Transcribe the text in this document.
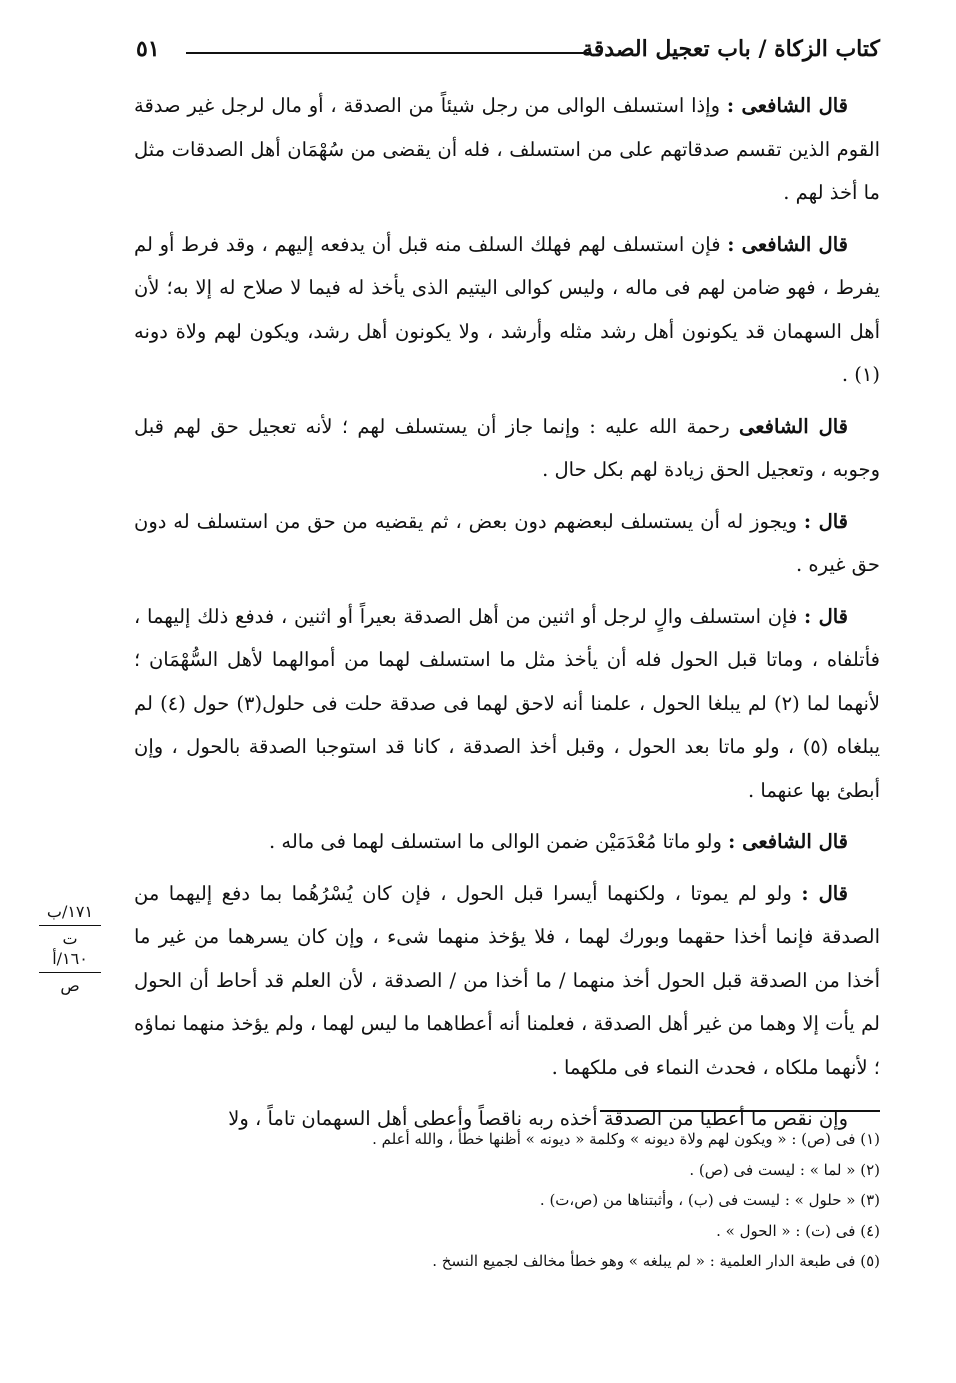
كتاب الزكاة / باب تعجيل الصدقة
٥١

قال الشافعى : وإذا استسلف الوالى من رجل شيئاً من الصدقة ، أو مال لرجل غير صدقة القوم الذين تقسم صدقاتهم على من استسلف ، فله أن يقضى من سُهْمَان أهل الصدقات مثل ما أخذ لهم .

قال الشافعى : فإن استسلف لهم فهلك السلف منه قبل أن يدفعه إليهم ، وقد فرط أو لم يفرط ، فهو ضامن لهم فى ماله ، وليس كوالى اليتيم الذى يأخذ له فيما لا صلاح له إلا به؛ لأن أهل السهمان قد يكونون أهل رشد مثله وأرشد ، ولا يكونون أهل رشد، ويكون لهم ولاة دونه (١) .

قال الشافعى رحمة الله عليه : وإنما جاز أن يستسلف لهم ؛ لأنه تعجيل حق لهم قبل وجوبه ، وتعجيل الحق زيادة لهم بكل حال .

قال : ويجوز له أن يستسلف لبعضهم دون بعض ، ثم يقضيه من حق من استسلف له دون حق غيره .

قال : فإن استسلف والٍ لرجل أو اثنين من أهل الصدقة بعيراً أو اثنين ، فدفع ذلك إليهما ، فأتلفاه ، وماتا قبل الحول فله أن يأخذ مثل ما استسلف لهما من أموالهما لأهل السُّهْمَان ؛ لأنهما لما (٢) لم يبلغا الحول ، علمنا أنه لاحق لهما فى صدقة حلت فى حلول(٣) حول (٤) لم يبلغاه (٥) ، ولو ماتا بعد الحول ، وقبل أخذ الصدقة ، كانا قد استوجبا الصدقة بالحول ، وإن أبطئ بها عنهما .

قال الشافعى : ولو ماتا مُعْدَمَيْن ضمن الوالى ما استسلف لهما فى ماله .

قال : ولو لم يموتا ، ولكنهما أيسرا قبل الحول ، فإن كان يُسْرُهُما بما دفع إليهما من الصدقة فإنما أخذا حقهما وبورك لهما ، فلا يؤخذ منهما شىء ، وإن كان يسرهما من غير ما أخذا من الصدقة قبل الحول أخذ منهما / ما أخذا من / الصدقة ، لأن العلم قد أحاط أن الحول لم يأت إلا وهما من غير أهل الصدقة ، فعلمنا أنه أعطاهما ما ليس لهما ، ولم يؤخذ منهما نماؤه ؛ لأنهما ملكاه ، فحدث النماء فى ملكهما .

وإن نقص ما أعطيا من الصدقة أخذه ربه ناقصاً وأعطى أهل السهمان تاماً ، ولا

١٧١/ب
ت
١٦٠/أ
ص
(١) فى (ص) : « ويكون لهم ولاة ديونه » وكلمة « ديونه » أظنها خطأ ، والله أعلم .
(٢) « لما » : ليست فى (ص) .
(٣) « حلول » : ليست فى (ب) ، وأثبتناها من (ص،ت) .
(٤) فى (ت) : « الحول » .
(٥) فى طبعة الدار العلمية : « لم يبلغه » وهو خطأ مخالف لجميع النسخ .
